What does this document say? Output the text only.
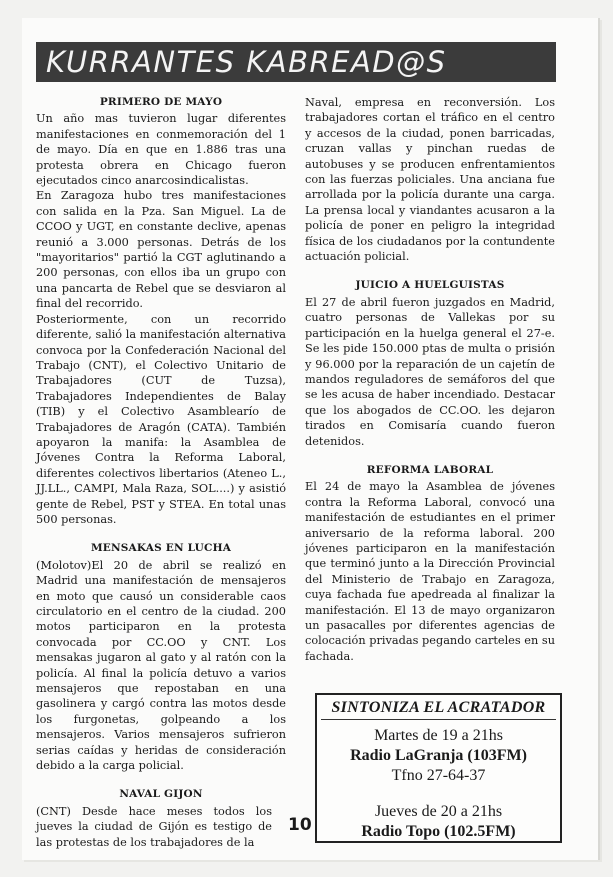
KURRANTES KABREAD@S
PRIMERO DE MAYO

Un año mas tuvieron lugar diferentes manifestaciones en conmemoración del 1 de mayo. Día en que en 1.886 tras una protesta obrera en Chicago fueron ejecutados cinco anarcosindicalistas.

En Zaragoza hubo tres manifestaciones con salida en la Pza. San Miguel. La de CCOO y UGT, en constante declive, apenas reunió a 3.000 personas. Detrás de los "mayoritarios" partió la CGT aglutinando a 200 personas, con ellos iba un grupo con una pancarta de Rebel que se desviaron al final del recorrido.

Posteriormente, con un recorrido diferente, salió la manifestación alternativa convoca por la Confederación Nacional del Trabajo (CNT), el Colectivo Unitario de Trabajadores (CUT de Tuzsa), Trabajadores Independientes de Balay (TIB) y el Colectivo Asamblearío de Trabajadores de Aragón (CATA). También apoyaron la manifa: la Asamblea de Jóvenes Contra la Reforma Laboral, diferentes colectivos libertarios (Ateneo L., JJ.LL., CAMPI, Mala Raza, SOL....) y asistió gente de Rebel, PST y STEA. En total unas 500 personas.

MENSAKAS EN LUCHA

(Molotov)El 20 de abril se realizó en Madrid una manifestación de mensajeros en moto que causó un considerable caos circulatorio en el centro de la ciudad. 200 motos participaron en la protesta convocada por CC.OO y CNT. Los mensakas jugaron al gato y al ratón con la policía. Al final la policía detuvo a varios mensajeros que repostaban en una gasolinera y cargó contra las motos desde los furgonetas, golpeando a los mensajeros. Varios mensajeros sufrieron serias caídas y heridas de consideración debido a la carga policial.

NAVAL GIJON

(CNT) Desde hace meses todos los jueves la ciudad de Gijón es testigo de las protestas de los trabajadores de la

10

Naval, empresa en reconversión. Los trabajadores cortan el tráfico en el centro y accesos de la ciudad, ponen barricadas, cruzan vallas y pinchan ruedas de autobuses y se producen enfrentamientos con las fuerzas policiales. Una anciana fue arrollada por la policía durante una carga. La prensa local y viandantes acusaron a la policía de poner en peligro la integridad física de los ciudadanos por la contundente actuación policial.

JUICIO A HUELGUISTAS

El 27 de abril fueron juzgados en Madrid, cuatro personas de Vallekas por su participación en la huelga general el 27-e. Se les pide 150.000 ptas de multa o prisión y 96.000 por la reparación de un cajetín de mandos reguladores de semáforos del que se les acusa de haber incendiado. Destacar que los abogados de CC.OO. les dejaron tirados en Comisaría cuando fueron detenidos.

REFORMA LABORAL

El 24 de mayo la Asamblea de jóvenes contra la Reforma Laboral, convocó una manifestación de estudiantes en el primer aniversario de la reforma laboral. 200 jóvenes participaron en la manifestación que terminó junto a la Dirección Provincial del Ministerio de Trabajo en Zaragoza, cuya fachada fue apedreada al finalizar la manifestación. El 13 de mayo organizaron un pasacalles por diferentes agencias de colocación privadas pegando carteles en su fachada.

SINTONIZA EL ACRATADOR
Martes de 19 a 21hs
Radio LaGranja (103FM)
Tfno 27-64-37
Jueves de 20 a 21hs
Radio Topo (102.5FM)
